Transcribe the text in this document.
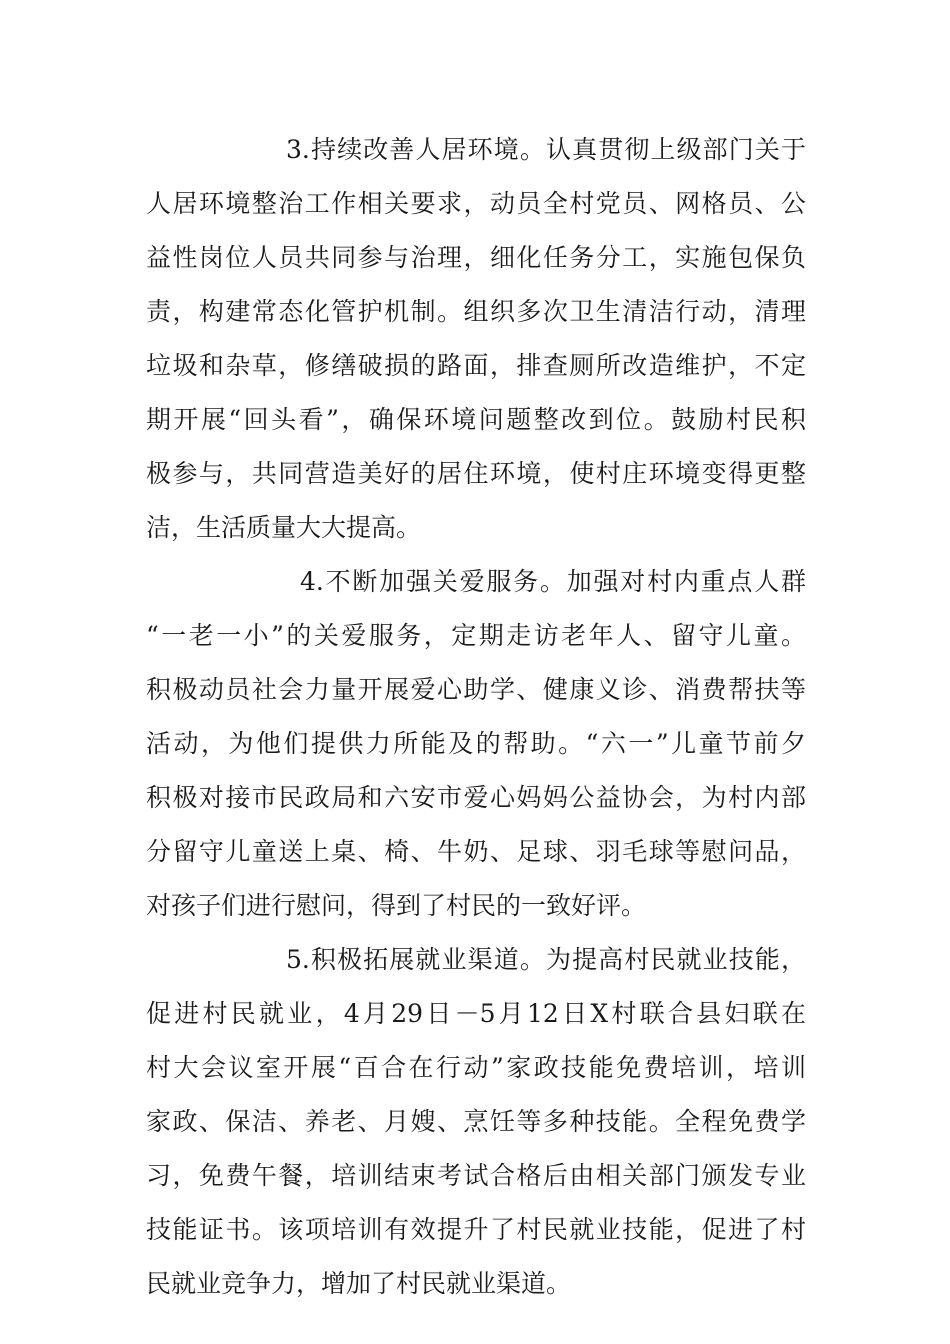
3.持续改善人居环境。认真贯彻上级部门关于
人居环境整治工作相关要求，动员全村党员、网格员、公
益性岗位人员共同参与治理，细化任务分工，实施包保负
责，构建常态化管护机制。组织多次卫生清洁行动，清理
垃圾和杂草，修缮破损的路面，排查厕所改造维护，不定
期开展“回头看”，确保环境问题整改到位。鼓励村民积
极参与，共同营造美好的居住环境，使村庄环境变得更整
洁，生活质量大大提高。
4.不断加强关爱服务。加强对村内重点人群
“一老一小”的关爱服务，定期走访老年人、留守儿童。
积极动员社会力量开展爱心助学、健康义诊、消费帮扶等
活动，为他们提供力所能及的帮助。“六一”儿童节前夕
积极对接市民政局和六安市爱心妈妈公益协会，为村内部
分留守儿童送上桌、椅、牛奶、足球、羽毛球等慰问品，
对孩子们进行慰问，得到了村民的一致好评。
5.积极拓展就业渠道。为提高村民就业技能，
促进村民就业，4月29日－5月12日X村联合县妇联在
村大会议室开展“百合在行动”家政技能免费培训，培训
家政、保洁、养老、月嫂、烹饪等多种技能。全程免费学
习，免费午餐，培训结束考试合格后由相关部门颁发专业
技能证书。该项培训有效提升了村民就业技能，促进了村
民就业竞争力，增加了村民就业渠道。
